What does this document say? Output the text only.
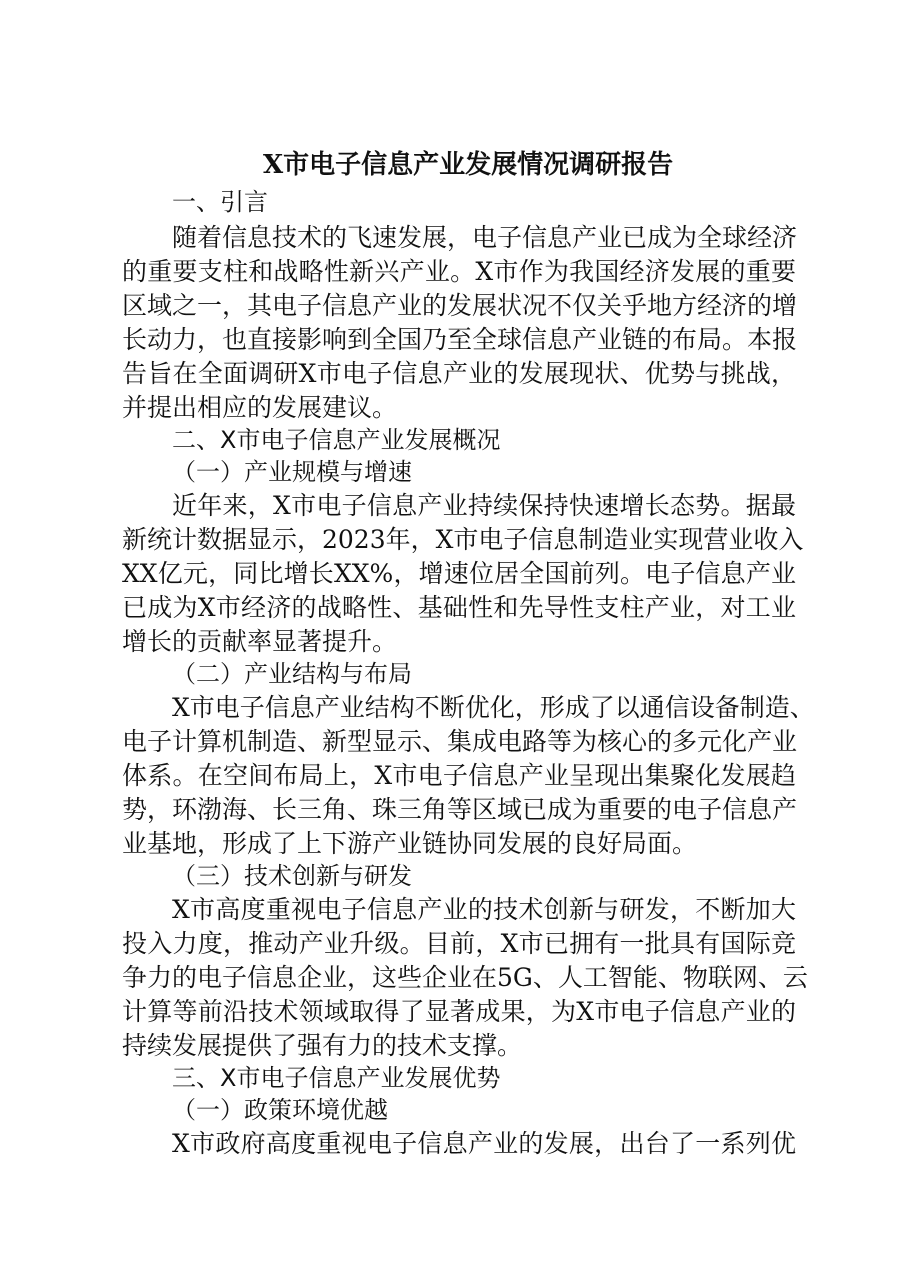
X市电子信息产业发展情况调研报告

一、引言

随着信息技术的飞速发展，电子信息产业已成为全球经济

的重要支柱和战略性新兴产业。X市作为我国经济发展的重要

区域之一，其电子信息产业的发展状况不仅关乎地方经济的增

长动力，也直接影响到全国乃至全球信息产业链的布局。本报

告旨在全面调研X市电子信息产业的发展现状、优势与挑战，

并提出相应的发展建议。

二、X市电子信息产业发展概况

（一）产业规模与增速

近年来，X市电子信息产业持续保持快速增长态势。据最

新统计数据显示，2023年，X市电子信息制造业实现营业收入

XX亿元，同比增长XX%，增速位居全国前列。电子信息产业

已成为X市经济的战略性、基础性和先导性支柱产业，对工业

增长的贡献率显著提升。

（二）产业结构与布局

X市电子信息产业结构不断优化，形成了以通信设备制造、

电子计算机制造、新型显示、集成电路等为核心的多元化产业

体系。在空间布局上，X市电子信息产业呈现出集聚化发展趋

势，环渤海、长三角、珠三角等区域已成为重要的电子信息产

业基地，形成了上下游产业链协同发展的良好局面。

（三）技术创新与研发

X市高度重视电子信息产业的技术创新与研发，不断加大

投入力度，推动产业升级。目前，X市已拥有一批具有国际竞

争力的电子信息企业，这些企业在5G、人工智能、物联网、云

计算等前沿技术领域取得了显著成果，为X市电子信息产业的

持续发展提供了强有力的技术支撑。

三、X市电子信息产业发展优势

（一）政策环境优越

X市政府高度重视电子信息产业的发展，出台了一系列优
